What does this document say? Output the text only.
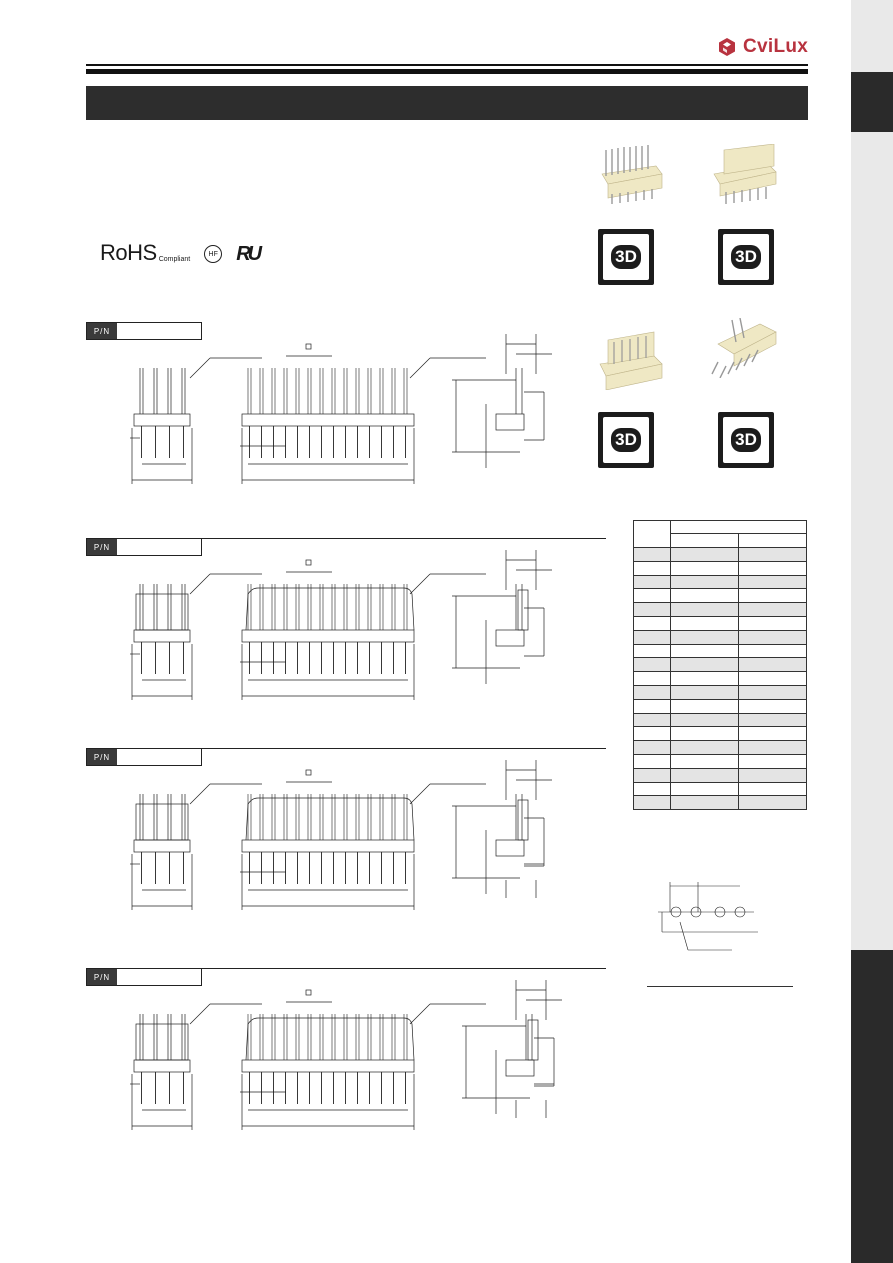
CviLux
RoHS Compliant
HF RU	3D	3D
3D	3D
P/N
P/N
P/N
P/N
